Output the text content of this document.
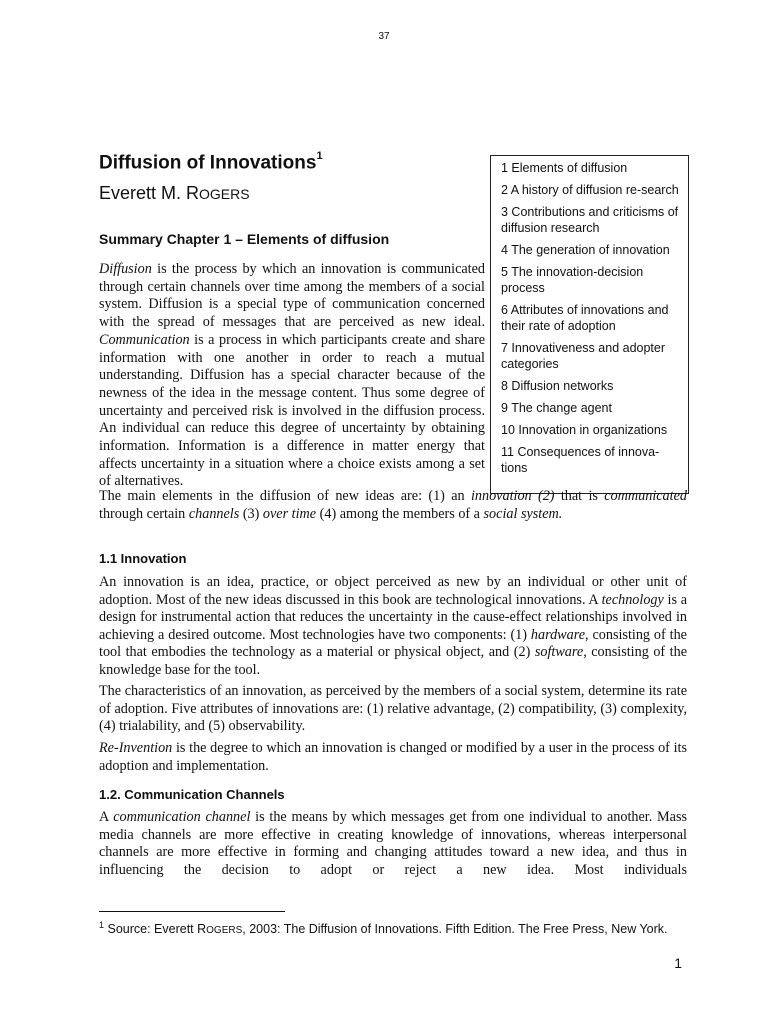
37
Diffusion of Innovations$^1$
Everett M. ROGERS
Summary Chapter 1 – Elements of diffusion
1 Elements of diffusion
2 A history of diffusion re-search
3 Contributions and criticisms of diffusion research
4 The generation of innovation
5 The innovation-decision process
6 Attributes of innovations and their rate of adoption
7 Innovativeness and adopter categories
8 Diffusion networks
9 The change agent
10 Innovation in organizations
11 Consequences of innova-tions

Diffusion is the process by which an innovation is communicated through certain channels over time among the members of a social system. Diffusion is a special type of communication concerned with the spread of messages that are perceived as new ideal. Communication is a process in which participants create and share information with one another in order to reach a mutual understanding. Diffusion has a special character because of the newness of the idea in the message content. Thus some degree of uncertainty and perceived risk is involved in the diffusion process. An individual can reduce this degree of uncertainty by obtaining information. Information is a difference in matter energy that affects uncertainty in a situation where a choice exists among a set of alternatives.

The main elements in the diffusion of new ideas are: (1) an innovation (2) that is communicated through certain channels (3) over time (4) among the members of a social system.

1.1 Innovation

An innovation is an idea, practice, or object perceived as new by an individual or other unit of adoption. Most of the new ideas discussed in this book are technological innovations. A technology is a design for instrumental action that reduces the uncertainty in the cause-effect relationships involved in achieving a desired outcome. Most technologies have two components: (1) hardware, consisting of the tool that embodies the technology as a material or physical object, and (2) software, consisting of the knowledge base for the tool.

The characteristics of an innovation, as perceived by the members of a social system, determine its rate of adoption. Five attributes of innovations are: (1) relative advantage, (2) compatibility, (3) complexity, (4) trialability, and (5) observability.

Re-Invention is the degree to which an innovation is changed or modified by a user in the process of its adoption and implementation.

1.2. Communication Channels

A communication channel is the means by which messages get from one individual to another. Mass media channels are more effective in creating knowledge of innovations, whereas interpersonal channels are more effective in forming and changing attitudes toward a new idea, and thus in influencing the decision to adopt or reject a new idea. Most individuals

$^1$ Source: Everett ROGERS, 2003: The Diffusion of Innovations. Fifth Edition. The Free Press, New York.

1
